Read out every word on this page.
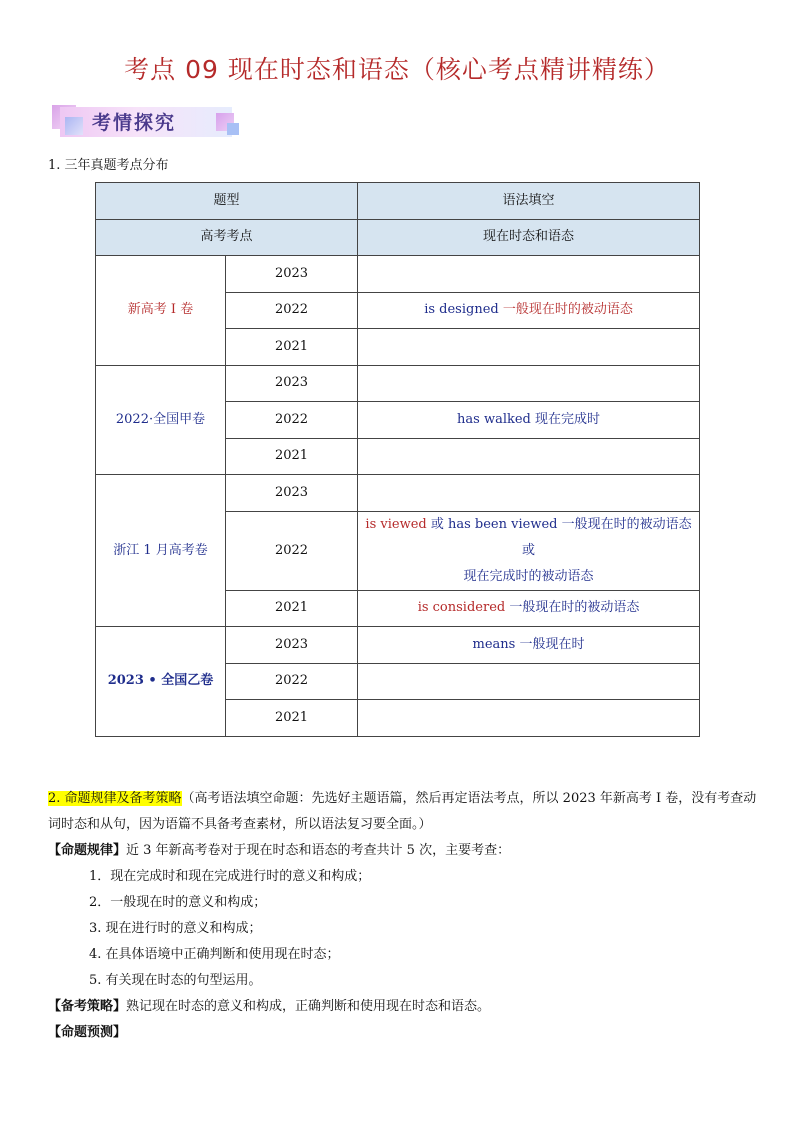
考点 09 现在时态和语态（核心考点精讲精练）
考情探究
1. 三年真题考点分布
题型		语法填空
高考考点		现在时态和语态
新高考 I 卷	2023	
	2022	is designed 一般现在时的被动语态
	2021	
2022·全国甲卷	2023	
	2022	has walked 现在完成时
	2021	
浙江 1 月高考卷	2023	
	2022	is viewed 或 has been viewed 一般现在时的被动语态或
现在完成时的被动语态
	2021	is considered 一般现在时的被动语态
2023 • 全国乙卷	2023	means 一般现在时
	2022	
	2021	

2. 命题规律及备考策略（高考语法填空命题：先选好主题语篇，然后再定语法考点，所以 2023 年新高考 I 卷，没有考查动词时态和从句，因为语篇不具备考查素材，所以语法复习要全面。）

【命题规律】近 3 年新高考卷对于现在时态和语态的考查共计 5 次，主要考查：

1．现在完成时和现在完成进行时的意义和构成；

2．一般现在时的意义和构成；

3. 现在进行时的意义和构成；

4. 在具体语境中正确判断和使用现在时态；

5. 有关现在时态的句型运用。

【备考策略】熟记现在时态的意义和构成，正确判断和使用现在时态和语态。

【命题预测】
